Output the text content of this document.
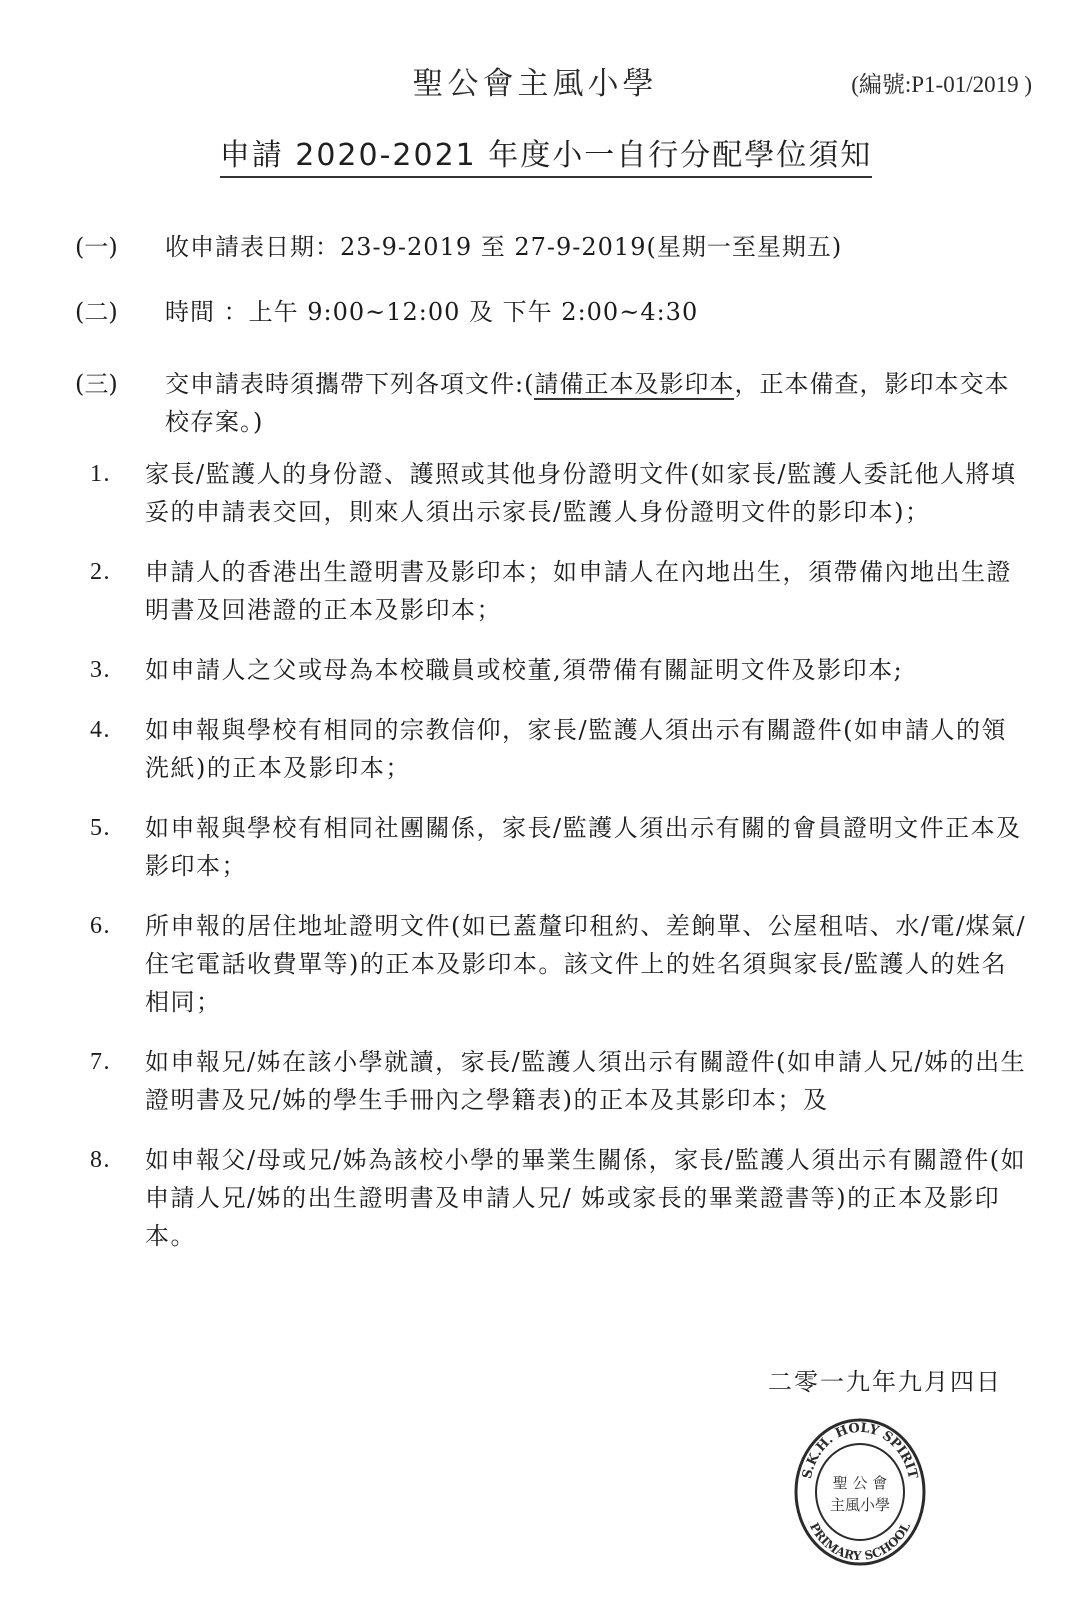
聖公會主風小學	(編號:P1-01/2019 )
申請 2020-2021 年度小一自行分配學位須知
(一)	收申請表日期：23-9-2019 至 27-9-2019(星期一至星期五)
(二)	時間 ：上午 9:00~12:00 及 下午 2:00~4:30
(三)	交申請表時須攜帶下列各項文件:(請備正本及影印本，正本備查，影印本交本校存案。)
1.	家長/監護人的身份證、護照或其他身份證明文件(如家長/監護人委託他人將填妥的申請表交回，則來人須出示家長/監護人身份證明文件的影印本)；
2.	申請人的香港出生證明書及影印本；如申請人在內地出生，須帶備內地出生證明書及回港證的正本及影印本；
3.	如申請人之父或母為本校職員或校董,須帶備有關証明文件及影印本;
4.	如申報與學校有相同的宗教信仰，家長/監護人須出示有關證件(如申請人的領洗紙)的正本及影印本；
5.	如申報與學校有相同社團關係，家長/監護人須出示有關的會員證明文件正本及影印本；
6.	所申報的居住地址證明文件(如已蓋釐印租約、差餉單、公屋租咭、水/電/煤氣/住宅電話收費單等)的正本及影印本。該文件上的姓名須與家長/監護人的姓名相同；
7.	如申報兄/姊在該小學就讀，家長/監護人須出示有關證件(如申請人兄/姊的出生證明書及兄/姊的學生手冊內之學籍表)的正本及其影印本；及
8.	如申報父/母或兄/姊為該校小學的畢業生關係，家長/監護人須出示有關證件(如申請人兄/姊的出生證明書及申請人兄/ 姊或家長的畢業證書等)的正本及影印本。
二零一九年九月四日
S.K.H. HOLY SPIRIT
PRIMARY SCHOOL
聖 公 會
主風小學
